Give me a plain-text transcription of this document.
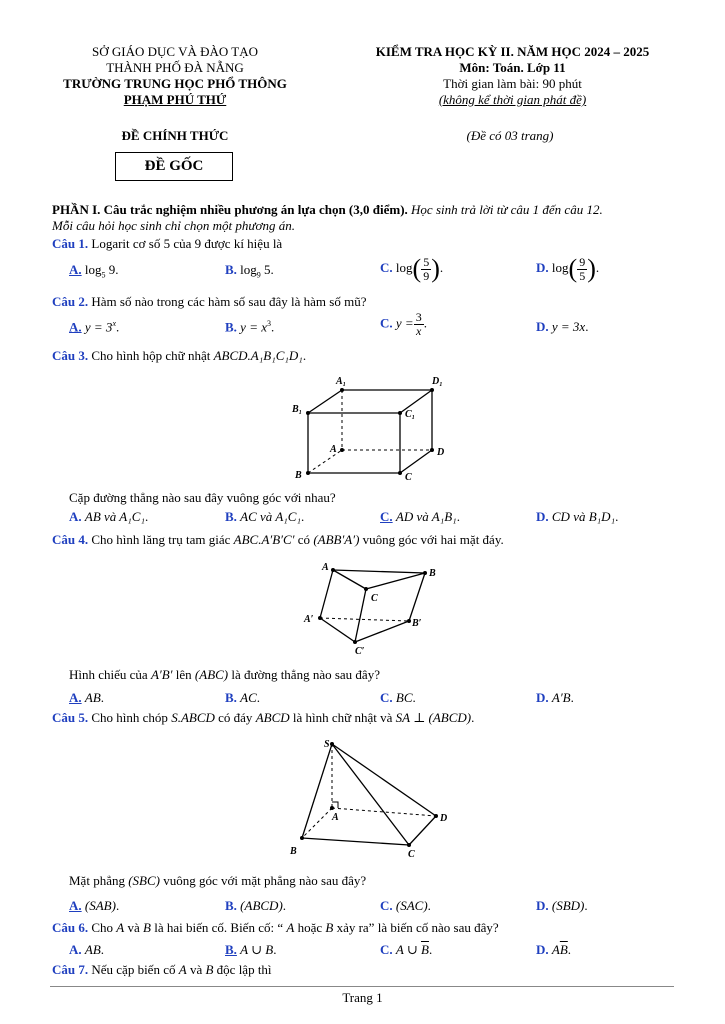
SỞ GIÁO DỤC VÀ ĐÀO TẠO
THÀNH PHỐ ĐÀ NẴNG
TRƯỜNG TRUNG HỌC PHỔ THÔNG
PHẠM PHÚ THỨ
KIỂM TRA HỌC KỲ II. NĂM HỌC 2024 – 2025
Môn: Toán. Lớp 11
Thời gian làm bài: 90 phút
(không kể thời gian phát đề)
ĐỀ CHÍNH THỨC	(Đề có 03 trang)
ĐỀ GỐC
PHẦN I. Câu trắc nghiệm nhiều phương án lựa chọn (3,0 điểm). Học sinh trả lời từ câu 1 đến câu 12.
Mỗi câu hỏi học sinh chỉ chọn một phương án.
Câu 1. Logarit cơ số 5 của 9 được kí hiệu là
A. $\log_5 9$.	B. $\log_9 5$.	C. $\log( \frac{5}{9}$ ).	D. $\log( \frac{9}{5}$ ).
Câu 2. Hàm số nào trong các hàm số sau đây là hàm số mũ?
A. $y = 3^x$.	B. $y = x^3$.	C. $y = \frac{3}{x}$ .	D. y = 3x.
Câu 3. Cho hình hộp chữ nhật ABCD.A₁B₁C₁D₁.
A₁	D₁
B₁	C₁
A	D
B	C
Cặp đường thẳng nào sau đây vuông góc với nhau?
A. AB và A₁C₁.	B. AC và A₁C₁.	C. AD và A₁B₁.	D. CD và B₁D₁.
Câu 4. Cho hình lăng trụ tam giác ABC.A′B′C′ có (ABB′A′) vuông góc với hai mặt đáy.
A
B
C
A′	B′
C′
Hình chiếu của A′B′ lên (ABC) là đường thẳng nào sau đây?
A. AB.	B. AC.	C. BC.	D. A′B.
Câu 5. Cho hình chóp S.ABCD có đáy ABCD là hình chữ nhật và SA ⊥ (ABCD).
S
A
B	C
D
Mặt phẳng (SBC) vuông góc với mặt phẳng nào sau đây?
A. (SAB).	B. (ABCD).	C. (SAC).	D. (SBD).
Câu 6. Cho A và B là hai biến cố. Biến cố: “ A hoặc B xảy ra” là biến cố nào sau đây?
A. AB.	B. A ∪ B.	C. A ∪ $\overline{B}$.	D. $A\overline{B}$.
Câu 7. Nếu cặp biến cố A và B độc lập thì
Trang 1
